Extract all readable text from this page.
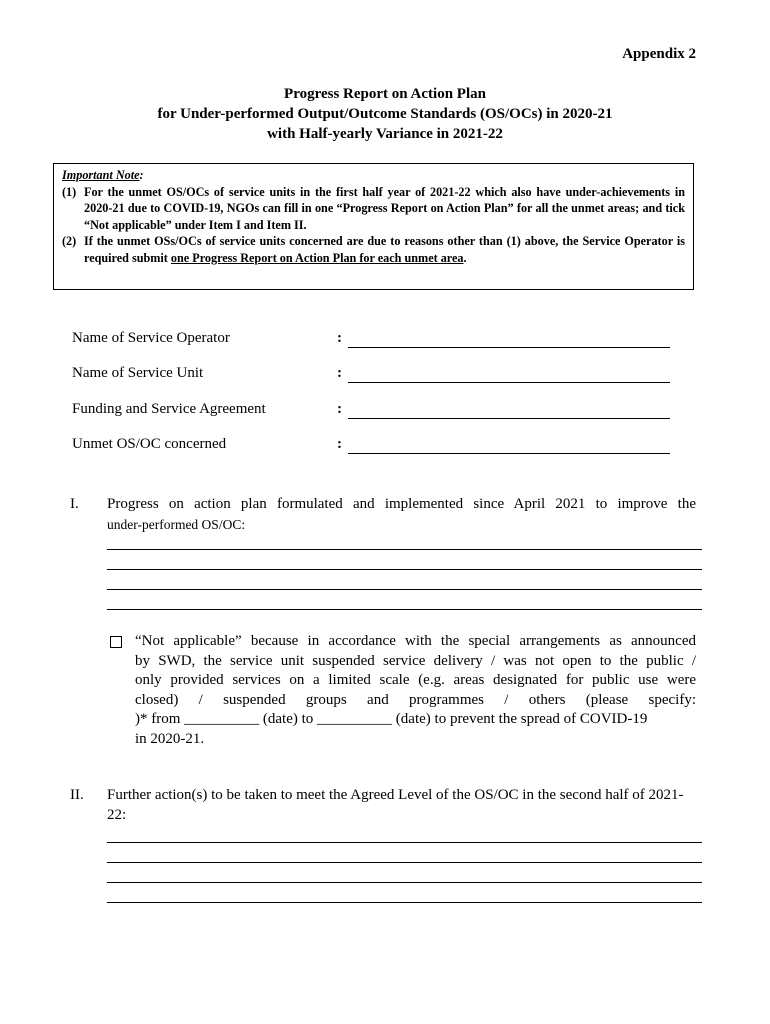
Appendix 2
Progress Report on Action Plan
for Under-performed Output/Outcome Standards (OS/OCs) in 2020-21
with Half-yearly Variance in 2021-22
Important Note:
(1) For the unmet OS/OCs of service units in the first half year of 2021-22 which also have under-achievements in 2020-21 due to COVID-19, NGOs can fill in one “Progress Report on Action Plan” for all the unmet areas; and tick “Not applicable” under Item I and Item II.
(2) If the unmet OSs/OCs of service units concerned are due to reasons other than (1) above, the Service Operator is required submit one Progress Report on Action Plan for each unmet area.
Name of Service Operator	:
Name of Service Unit	:
Funding and Service Agreement	:
Unmet OS/OC concerned	:
I. Progress on action plan formulated and implemented since April 2021 to improve the
under-performed OS/OC:
“Not applicable” because in accordance with the special arrangements as announced
by SWD, the service unit suspended service delivery / was not open to the public /
only provided services on a limited scale (e.g. areas designated for public use were
closed) / suspended groups and programmes / others (please specify:
)* from __________ (date) to __________ (date) to prevent the spread of COVID-19
in 2020-21.
II. Further action(s) to be taken to meet the Agreed Level of the OS/OC in the second half of 2021-22:
